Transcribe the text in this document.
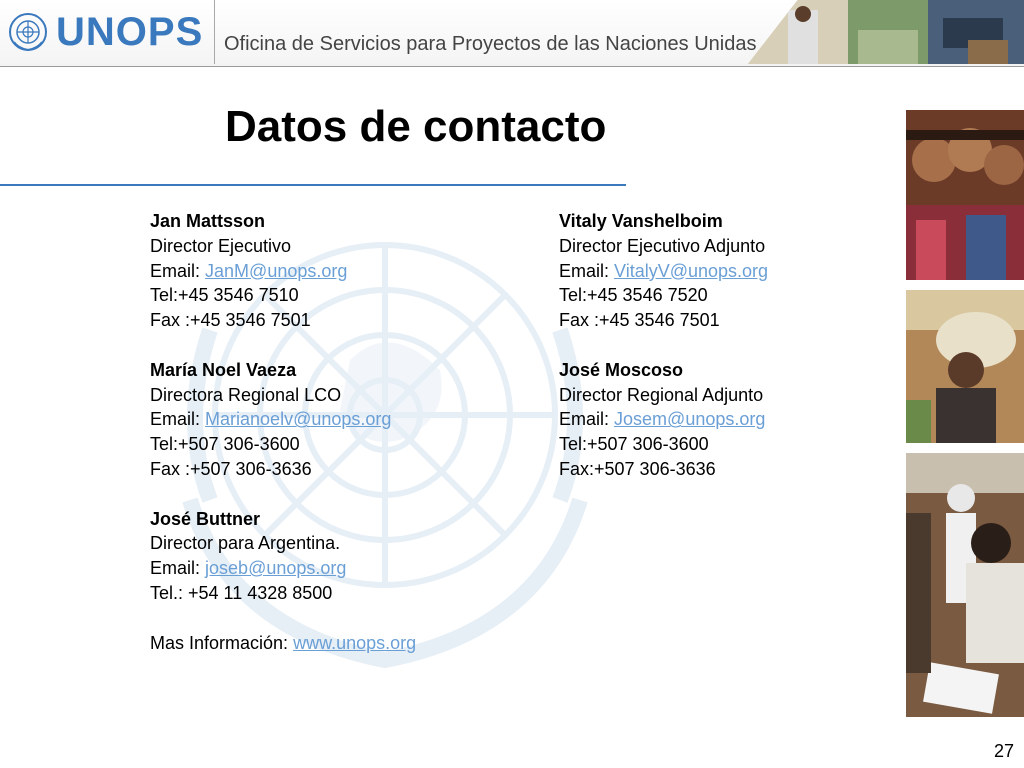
UNOPS Oficina de Servicios para Proyectos de las Naciones Unidas
Datos de contacto
Jan Mattsson
Director Ejecutivo
Email: JanM@unops.org
Tel:+45 3546 7510
Fax :+45 3546 7501
María Noel Vaeza
Directora Regional LCO
Email: Marianoelv@unops.org
Tel:+507 306-3600
Fax :+507 306-3636
José Buttner
Director para Argentina.
Email: joseb@unops.org
Tel.: +54 11 4328 8500
Mas Información: www.unops.org
Vitaly Vanshelboim
Director Ejecutivo Adjunto
Email: VitalyV@unops.org
Tel:+45 3546 7520
Fax :+45 3546 7501
José Moscoso
Director Regional Adjunto
Email: Josem@unops.org
Tel:+507 306-3600
Fax:+507 306-3636
27
